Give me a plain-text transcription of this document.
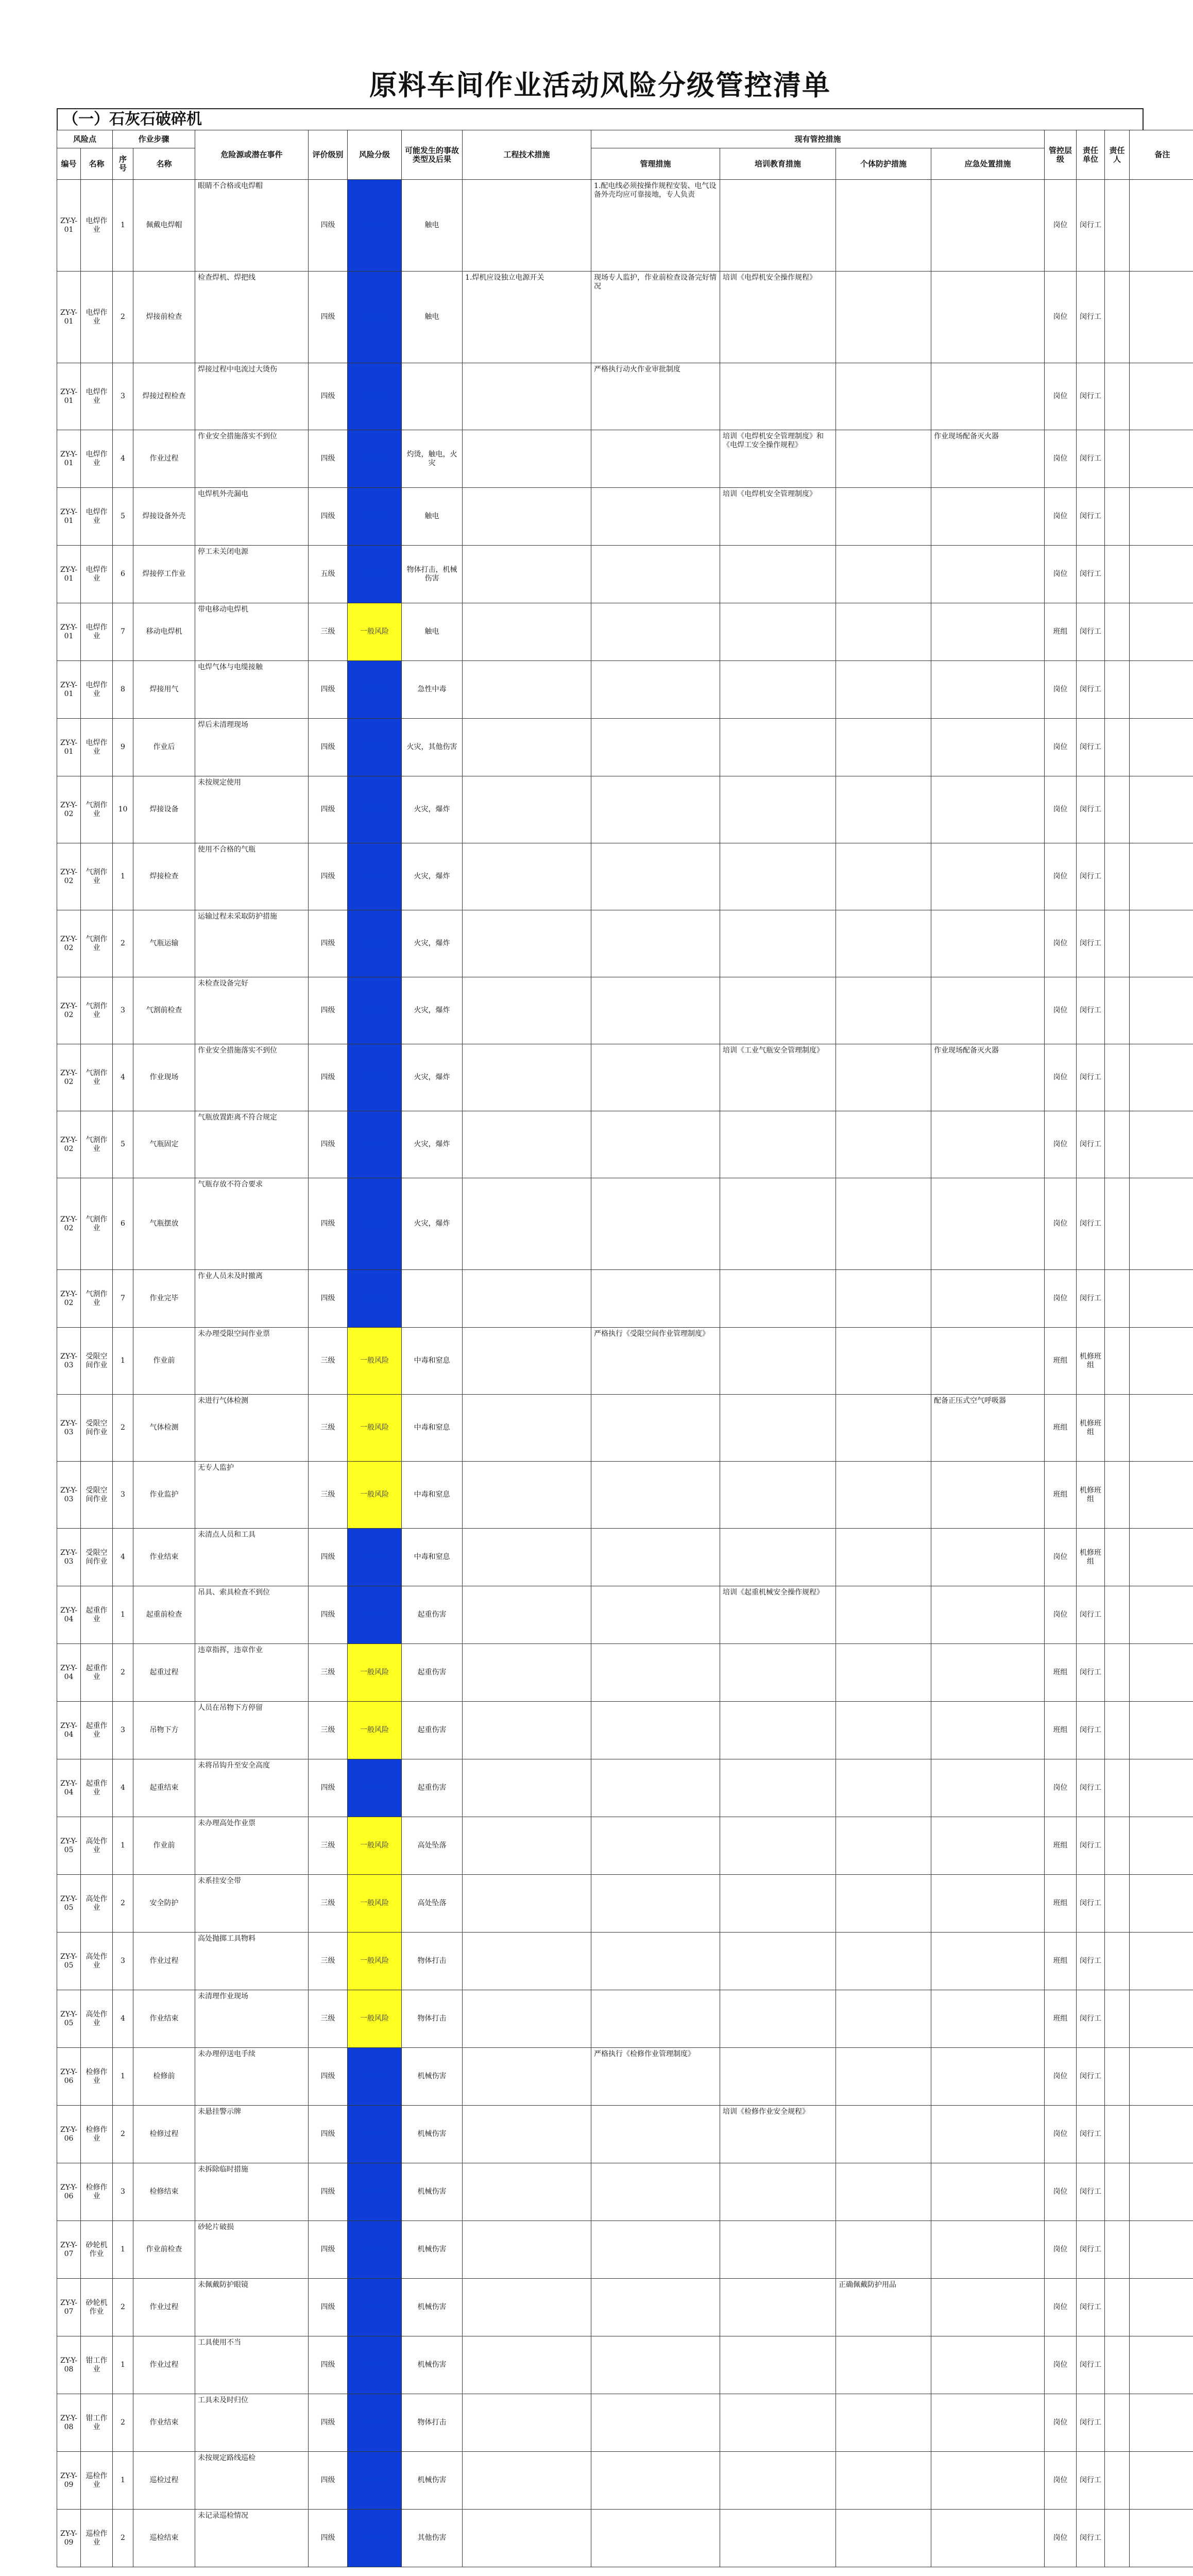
原料车间作业活动风险分级管控清单
（一）石灰石破碎机
风险点		作业步骤		危险源或潜在事件	评价级别	风险分级	可能发生的事故类型及后果	工程技术措施	现有管控措施				管控层级	责任单位	责任人	备注
编号	名称	序号	名称						管理措施	培训教育措施	个体防护措施	应急处置措施				
ZY-Y-01	电焊作业	1	佩戴电焊帽	眼睛不合格或电焊帽	四级	低风险	触电		1.配电线必须按操作规程安装、电气设备外壳均应可靠接地，专人负责				岗位	闵行工		
ZY-Y-01	电焊作业	2	焊接前检查	检查焊机、焊把线	四级	低风险	触电	1.焊机应设独立电源开关	现场专人监护，作业前检查设备完好情况	培训《电焊机安全操作规程》			岗位	闵行工		
ZY-Y-01	电焊作业	3	焊接过程检查	焊接过程中电流过大烫伤	四级	低风险			严格执行动火作业审批制度				岗位	闵行工		
ZY-Y-01	电焊作业	4	作业过程	作业安全措施落实不到位	四级	低风险	灼烫，触电，火灾			培训《电焊机安全管理制度》和《电焊工安全操作规程》		作业现场配备灭火器	岗位	闵行工		
ZY-Y-01	电焊作业	5	焊接设备外壳	电焊机外壳漏电	四级	低风险	触电			培训《电焊机安全管理制度》			岗位	闵行工		
ZY-Y-01	电焊作业	6	焊接停工作业	停工未关闭电源	五级	低风险	物体打击，机械伤害						岗位	闵行工		
ZY-Y-01	电焊作业	7	移动电焊机	带电移动电焊机	三级	一般风险	触电						班组	闵行工		
ZY-Y-01	电焊作业	8	焊接用气	电焊气体与电缆接触	四级	低风险	急性中毒						岗位	闵行工		
ZY-Y-01	电焊作业	9	作业后	焊后未清理现场	四级	低风险	火灾，其他伤害						岗位	闵行工		
ZY-Y-02	气割作业	10	焊接设备	未按规定使用	四级	低风险	火灾，爆炸						岗位	闵行工		
ZY-Y-02	气割作业	1	焊接检查	使用不合格的气瓶	四级	低风险	火灾，爆炸						岗位	闵行工		
ZY-Y-02	气割作业	2	气瓶运输	运输过程未采取防护措施	四级	低风险	火灾，爆炸						岗位	闵行工		
ZY-Y-02	气割作业	3	气割前检查	未检查设备完好	四级	低风险	火灾，爆炸						岗位	闵行工		
ZY-Y-02	气割作业	4	作业现场	作业安全措施落实不到位	四级	低风险	火灾，爆炸			培训《工业气瓶安全管理制度》		作业现场配备灭火器	岗位	闵行工		
ZY-Y-02	气割作业	5	气瓶固定	气瓶放置距离不符合规定	四级	低风险	火灾，爆炸						岗位	闵行工		
ZY-Y-02	气割作业	6	气瓶摆放	气瓶存放不符合要求	四级	低风险	火灾，爆炸						岗位	闵行工		
ZY-Y-02	气割作业	7	作业完毕	作业人员未及时撤离	四级	低风险							岗位	闵行工		
ZY-Y-03	受限空间作业	1	作业前	未办理受限空间作业票	三级	一般风险	中毒和窒息		严格执行《受限空间作业管理制度》				班组	机修班组		
ZY-Y-03	受限空间作业	2	气体检测	未进行气体检测	三级	一般风险	中毒和窒息					配备正压式空气呼吸器	班组	机修班组		
ZY-Y-03	受限空间作业	3	作业监护	无专人监护	三级	一般风险	中毒和窒息						班组	机修班组		
ZY-Y-03	受限空间作业	4	作业结束	未清点人员和工具	四级	低风险	中毒和窒息						岗位	机修班组		
ZY-Y-04	起重作业	1	起重前检查	吊具、索具检查不到位	四级	低风险	起重伤害			培训《起重机械安全操作规程》			岗位	闵行工		
ZY-Y-04	起重作业	2	起重过程	违章指挥，违章作业	三级	一般风险	起重伤害						班组	闵行工		
ZY-Y-04	起重作业	3	吊物下方	人员在吊物下方停留	三级	一般风险	起重伤害						班组	闵行工		
ZY-Y-04	起重作业	4	起重结束	未将吊钩升至安全高度	四级	低风险	起重伤害						岗位	闵行工		
ZY-Y-05	高处作业	1	作业前	未办理高处作业票	三级	一般风险	高处坠落						班组	闵行工		
ZY-Y-05	高处作业	2	安全防护	未系挂安全带	三级	一般风险	高处坠落						班组	闵行工		
ZY-Y-05	高处作业	3	作业过程	高处抛掷工具物料	三级	一般风险	物体打击						班组	闵行工		
ZY-Y-05	高处作业	4	作业结束	未清理作业现场	三级	一般风险	物体打击						班组	闵行工		
ZY-Y-06	检修作业	1	检修前	未办理停送电手续	四级	低风险	机械伤害		严格执行《检修作业管理制度》				岗位	闵行工		
ZY-Y-06	检修作业	2	检修过程	未悬挂警示牌	四级	低风险	机械伤害			培训《检修作业安全规程》			岗位	闵行工		
ZY-Y-06	检修作业	3	检修结束	未拆除临时措施	四级	低风险	机械伤害						岗位	闵行工		
ZY-Y-07	砂轮机作业	1	作业前检查	砂轮片破损	四级	低风险	机械伤害						岗位	闵行工		
ZY-Y-07	砂轮机作业	2	作业过程	未佩戴防护眼镜	四级	低风险	机械伤害				正确佩戴防护用品		岗位	闵行工		
ZY-Y-08	钳工作业	1	作业过程	工具使用不当	四级	低风险	机械伤害						岗位	闵行工		
ZY-Y-08	钳工作业	2	作业结束	工具未及时归位	四级	低风险	物体打击						岗位	闵行工		
ZY-Y-09	巡检作业	1	巡检过程	未按规定路线巡检	四级	低风险	机械伤害						岗位	闵行工		
ZY-Y-09	巡检作业	2	巡检结束	未记录巡检情况	四级	低风险	其他伤害						岗位	闵行工		
